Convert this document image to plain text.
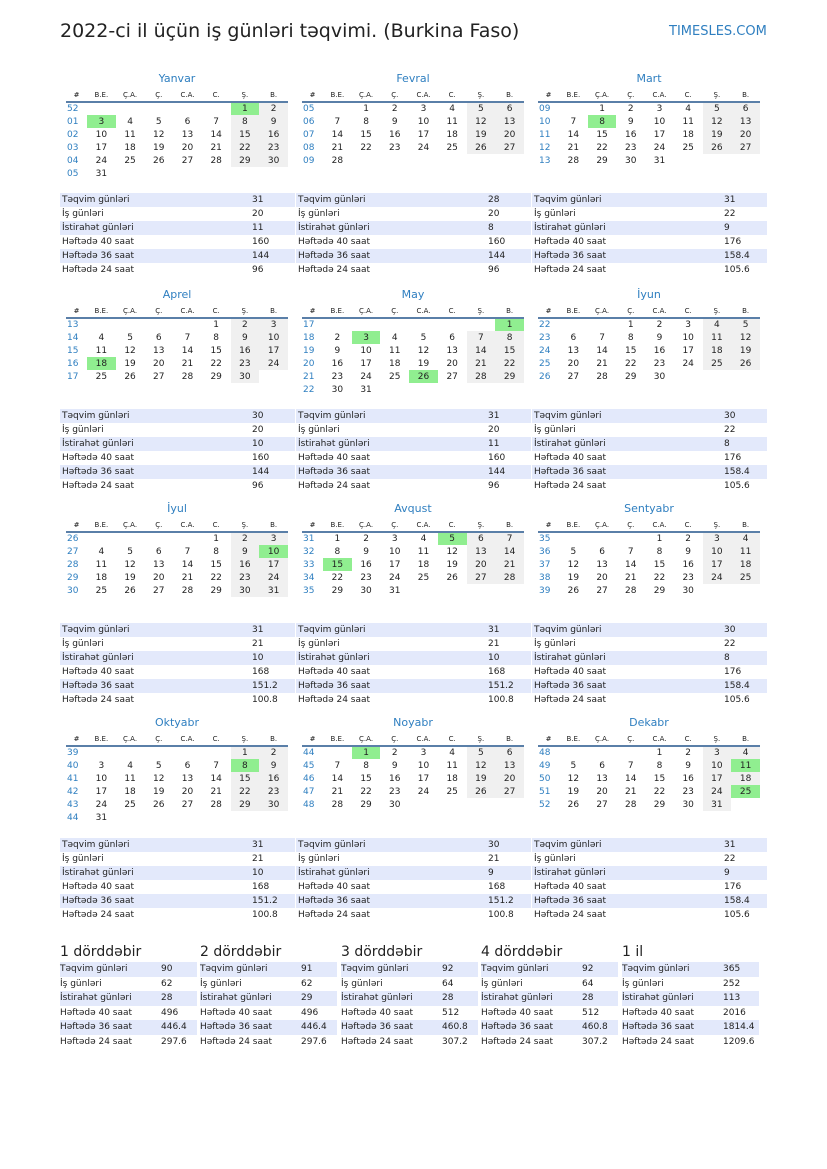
2022-ci il üçün iş günləri təqvimi. (Burkina Faso)	TIMESLES.COM
Yanvar
#	B.E.	Ç.A.	Ç.	C.A.	C.	Ş.	B.
52						1	2
01	3	4	5	6	7	8	9
02	10	11	12	13	14	15	16
03	17	18	19	20	21	22	23
04	24	25	26	27	28	29	30
05	31						
Təqvim günləri	31
İş günləri	20
İstirahət günləri	11
Həftədə 40 saat	160
Həftədə 36 saat	144
Həftədə 24 saat	96
Fevral
#	B.E.	Ç.A.	Ç.	C.A.	C.	Ş.	B.
05		1	2	3	4	5	6
06	7	8	9	10	11	12	13
07	14	15	16	17	18	19	20
08	21	22	23	24	25	26	27
09	28						
Təqvim günləri	28
İş günləri	20
İstirahət günləri	8
Həftədə 40 saat	160
Həftədə 36 saat	144
Həftədə 24 saat	96
Mart
#	B.E.	Ç.A.	Ç.	C.A.	C.	Ş.	B.
09		1	2	3	4	5	6
10	7	8	9	10	11	12	13
11	14	15	16	17	18	19	20
12	21	22	23	24	25	26	27
13	28	29	30	31			
Təqvim günləri	31
İş günləri	22
İstirahət günləri	9
Həftədə 40 saat	176
Həftədə 36 saat	158.4
Həftədə 24 saat	105.6
Aprel
#	B.E.	Ç.A.	Ç.	C.A.	C.	Ş.	B.
13					1	2	3
14	4	5	6	7	8	9	10
15	11	12	13	14	15	16	17
16	18	19	20	21	22	23	24
17	25	26	27	28	29	30	
Təqvim günləri	30
İş günləri	20
İstirahət günləri	10
Həftədə 40 saat	160
Həftədə 36 saat	144
Həftədə 24 saat	96
May
#	B.E.	Ç.A.	Ç.	C.A.	C.	Ş.	B.
17							1
18	2	3	4	5	6	7	8
19	9	10	11	12	13	14	15
20	16	17	18	19	20	21	22
21	23	24	25	26	27	28	29
22	30	31					
Təqvim günləri	31
İş günləri	20
İstirahət günləri	11
Həftədə 40 saat	160
Həftədə 36 saat	144
Həftədə 24 saat	96
İyun
#	B.E.	Ç.A.	Ç.	C.A.	C.	Ş.	B.
22			1	2	3	4	5
23	6	7	8	9	10	11	12
24	13	14	15	16	17	18	19
25	20	21	22	23	24	25	26
26	27	28	29	30			
Təqvim günləri	30
İş günləri	22
İstirahət günləri	8
Həftədə 40 saat	176
Həftədə 36 saat	158.4
Həftədə 24 saat	105.6
İyul
#	B.E.	Ç.A.	Ç.	C.A.	C.	Ş.	B.
26					1	2	3
27	4	5	6	7	8	9	10
28	11	12	13	14	15	16	17
29	18	19	20	21	22	23	24
30	25	26	27	28	29	30	31
Təqvim günləri	31
İş günləri	21
İstirahət günləri	10
Həftədə 40 saat	168
Həftədə 36 saat	151.2
Həftədə 24 saat	100.8
Avqust
#	B.E.	Ç.A.	Ç.	C.A.	C.	Ş.	B.
31	1	2	3	4	5	6	7
32	8	9	10	11	12	13	14
33	15	16	17	18	19	20	21
34	22	23	24	25	26	27	28
35	29	30	31				
Təqvim günləri	31
İş günləri	21
İstirahət günləri	10
Həftədə 40 saat	168
Həftədə 36 saat	151.2
Həftədə 24 saat	100.8
Sentyabr
#	B.E.	Ç.A.	Ç.	C.A.	C.	Ş.	B.
35				1	2	3	4
36	5	6	7	8	9	10	11
37	12	13	14	15	16	17	18
38	19	20	21	22	23	24	25
39	26	27	28	29	30		
Təqvim günləri	30
İş günləri	22
İstirahət günləri	8
Həftədə 40 saat	176
Həftədə 36 saat	158.4
Həftədə 24 saat	105.6
Oktyabr
#	B.E.	Ç.A.	Ç.	C.A.	C.	Ş.	B.
39						1	2
40	3	4	5	6	7	8	9
41	10	11	12	13	14	15	16
42	17	18	19	20	21	22	23
43	24	25	26	27	28	29	30
44	31						
Təqvim günləri	31
İş günləri	21
İstirahət günləri	10
Həftədə 40 saat	168
Həftədə 36 saat	151.2
Həftədə 24 saat	100.8
Noyabr
#	B.E.	Ç.A.	Ç.	C.A.	C.	Ş.	B.
44		1	2	3	4	5	6
45	7	8	9	10	11	12	13
46	14	15	16	17	18	19	20
47	21	22	23	24	25	26	27
48	28	29	30				
Təqvim günləri	30
İş günləri	21
İstirahət günləri	9
Həftədə 40 saat	168
Həftədə 36 saat	151.2
Həftədə 24 saat	100.8
Dekabr
#	B.E.	Ç.A.	Ç.	C.A.	C.	Ş.	B.
48				1	2	3	4
49	5	6	7	8	9	10	11
50	12	13	14	15	16	17	18
51	19	20	21	22	23	24	25
52	26	27	28	29	30	31	
Təqvim günləri	31
İş günləri	22
İstirahət günləri	9
Həftədə 40 saat	176
Həftədə 36 saat	158.4
Həftədə 24 saat	105.6
1 dörddəbir
Təqvim günləri	90
İş günləri	62
İstirahət günləri	28
Həftədə 40 saat	496
Həftədə 36 saat	446.4
Həftədə 24 saat	297.6
2 dörddəbir
Təqvim günləri	91
İş günləri	62
İstirahət günləri	29
Həftədə 40 saat	496
Həftədə 36 saat	446.4
Həftədə 24 saat	297.6
3 dörddəbir
Təqvim günləri	92
İş günləri	64
İstirahət günləri	28
Həftədə 40 saat	512
Həftədə 36 saat	460.8
Həftədə 24 saat	307.2
4 dörddəbir
Təqvim günləri	92
İş günləri	64
İstirahət günləri	28
Həftədə 40 saat	512
Həftədə 36 saat	460.8
Həftədə 24 saat	307.2
1 il
Təqvim günləri	365
İş günləri	252
İstirahət günləri	113
Həftədə 40 saat	2016
Həftədə 36 saat	1814.4
Həftədə 24 saat	1209.6
